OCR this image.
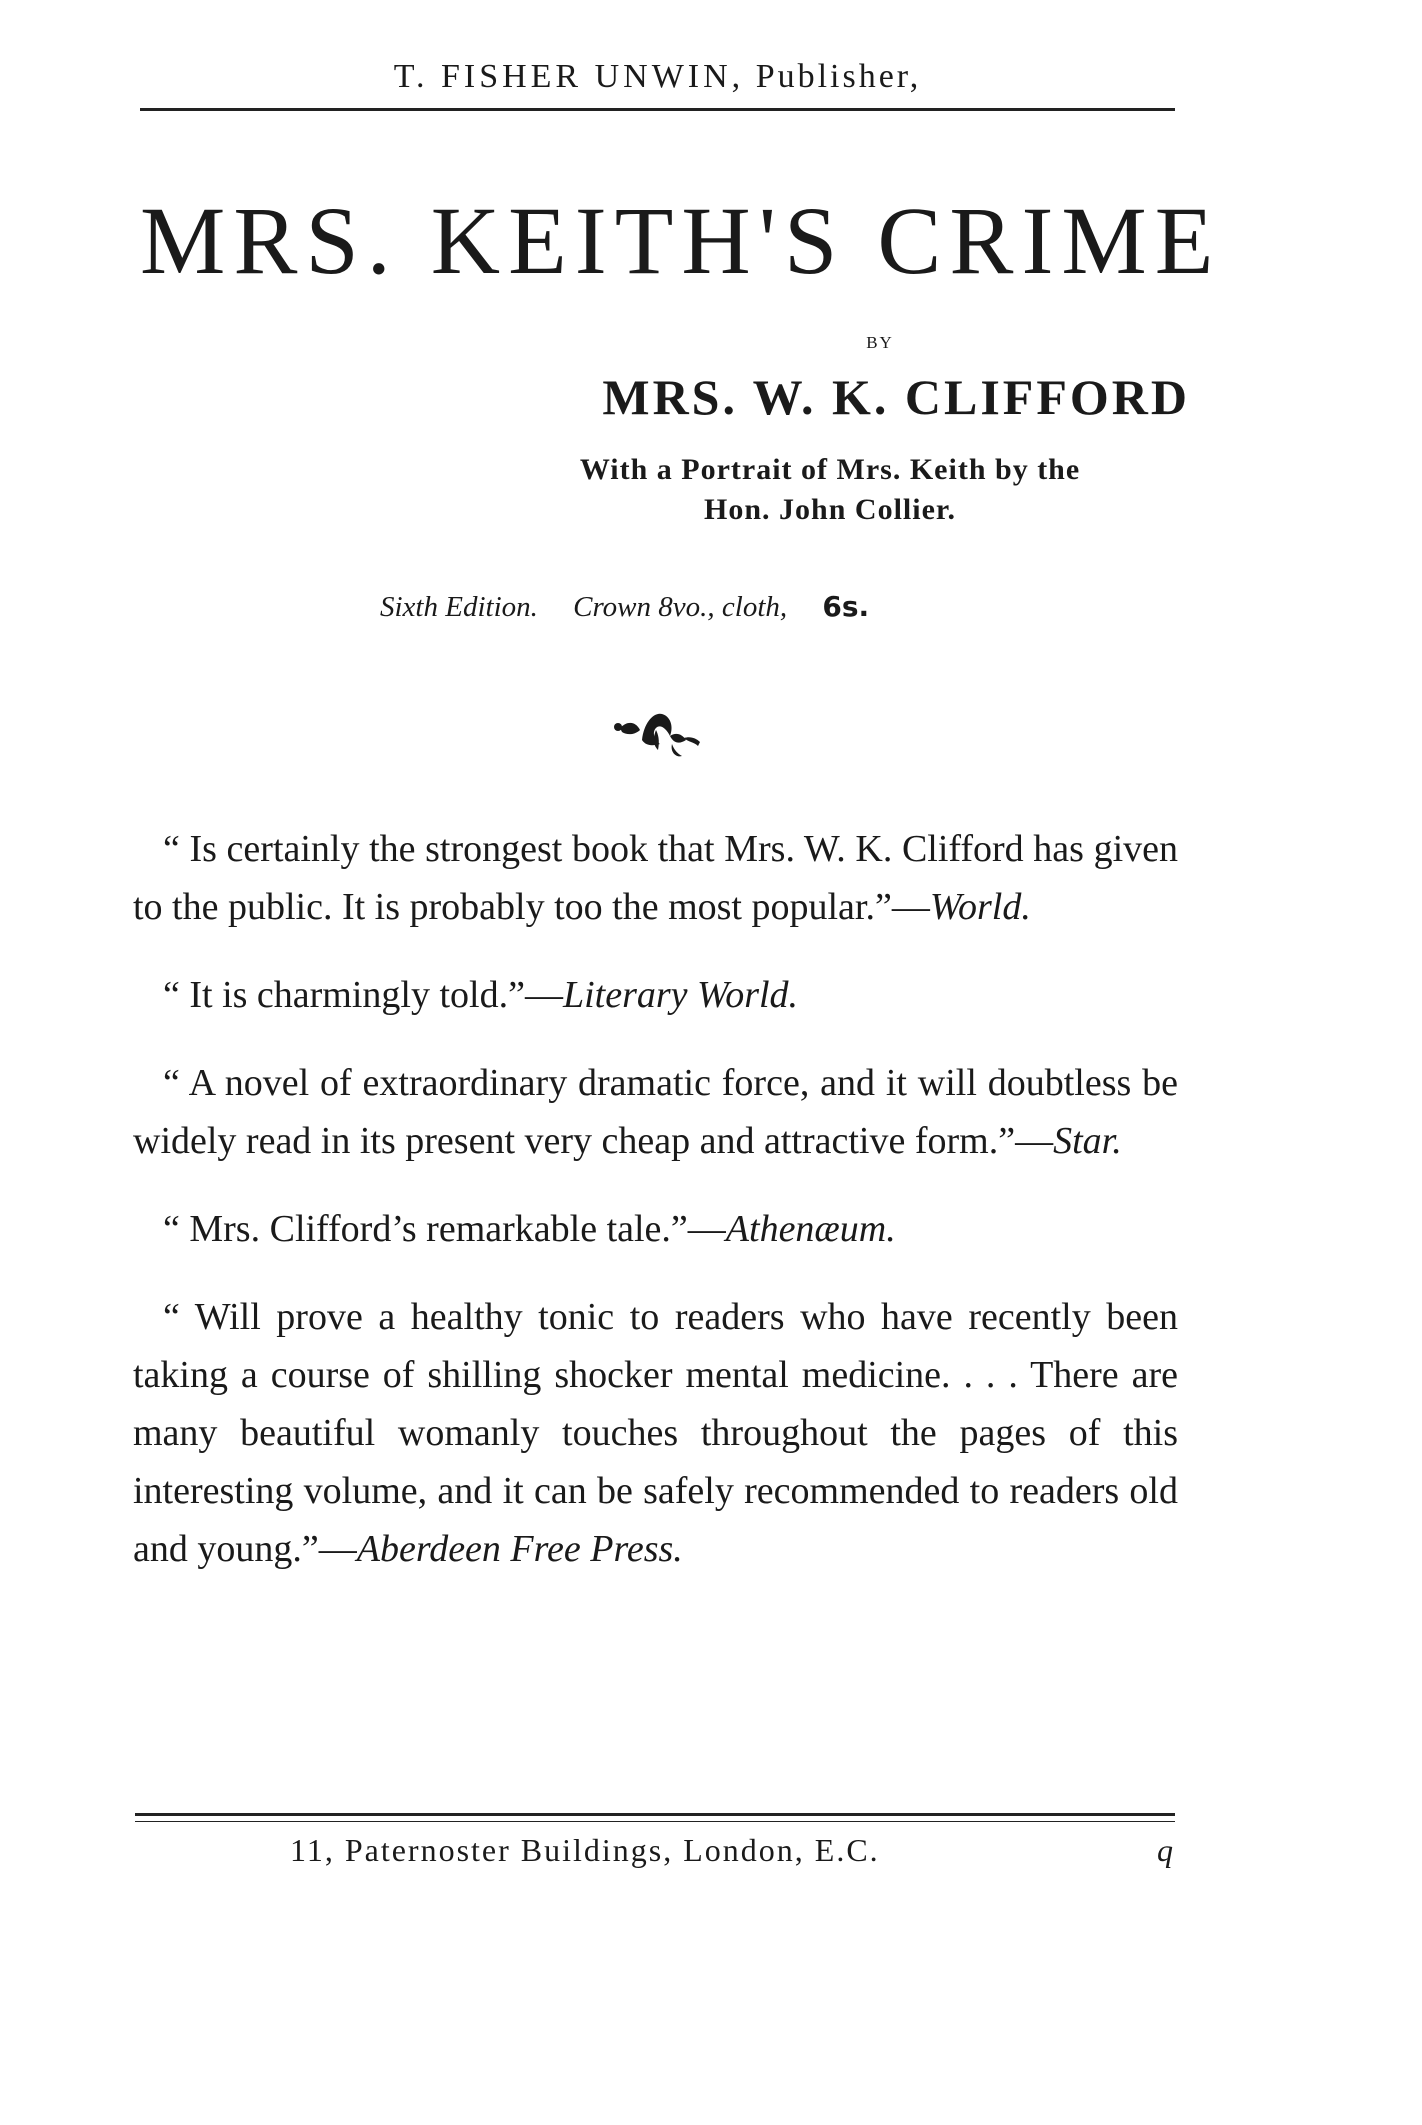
T. FISHER UNWIN, Publisher,
MRS. KEITH'S CRIME
BY
MRS. W. K. CLIFFORD
With a Portrait of Mrs. Keith by the
Hon. John Collier.
Sixth Edition. Crown 8vo., cloth, 6s.

“ Is certainly the strongest book that Mrs. W. K. Clifford has given to the public. It is probably too the most popular.”—World.

“ It is charmingly told.”—Literary World.

“ A novel of extraordinary dramatic force, and it will doubtless be widely read in its present very cheap and attractive form.”—Star.

“ Mrs. Clifford’s remarkable tale.”—Athenæum.

“ Will prove a healthy tonic to readers who have recently been taking a course of shilling shocker mental medicine. . . . There are many beautiful womanly touches throughout the pages of this interesting volume, and it can be safely recommended to readers old and young.”—Aberdeen Free Press.

11, Paternoster Buildings, London, E.C.	q
